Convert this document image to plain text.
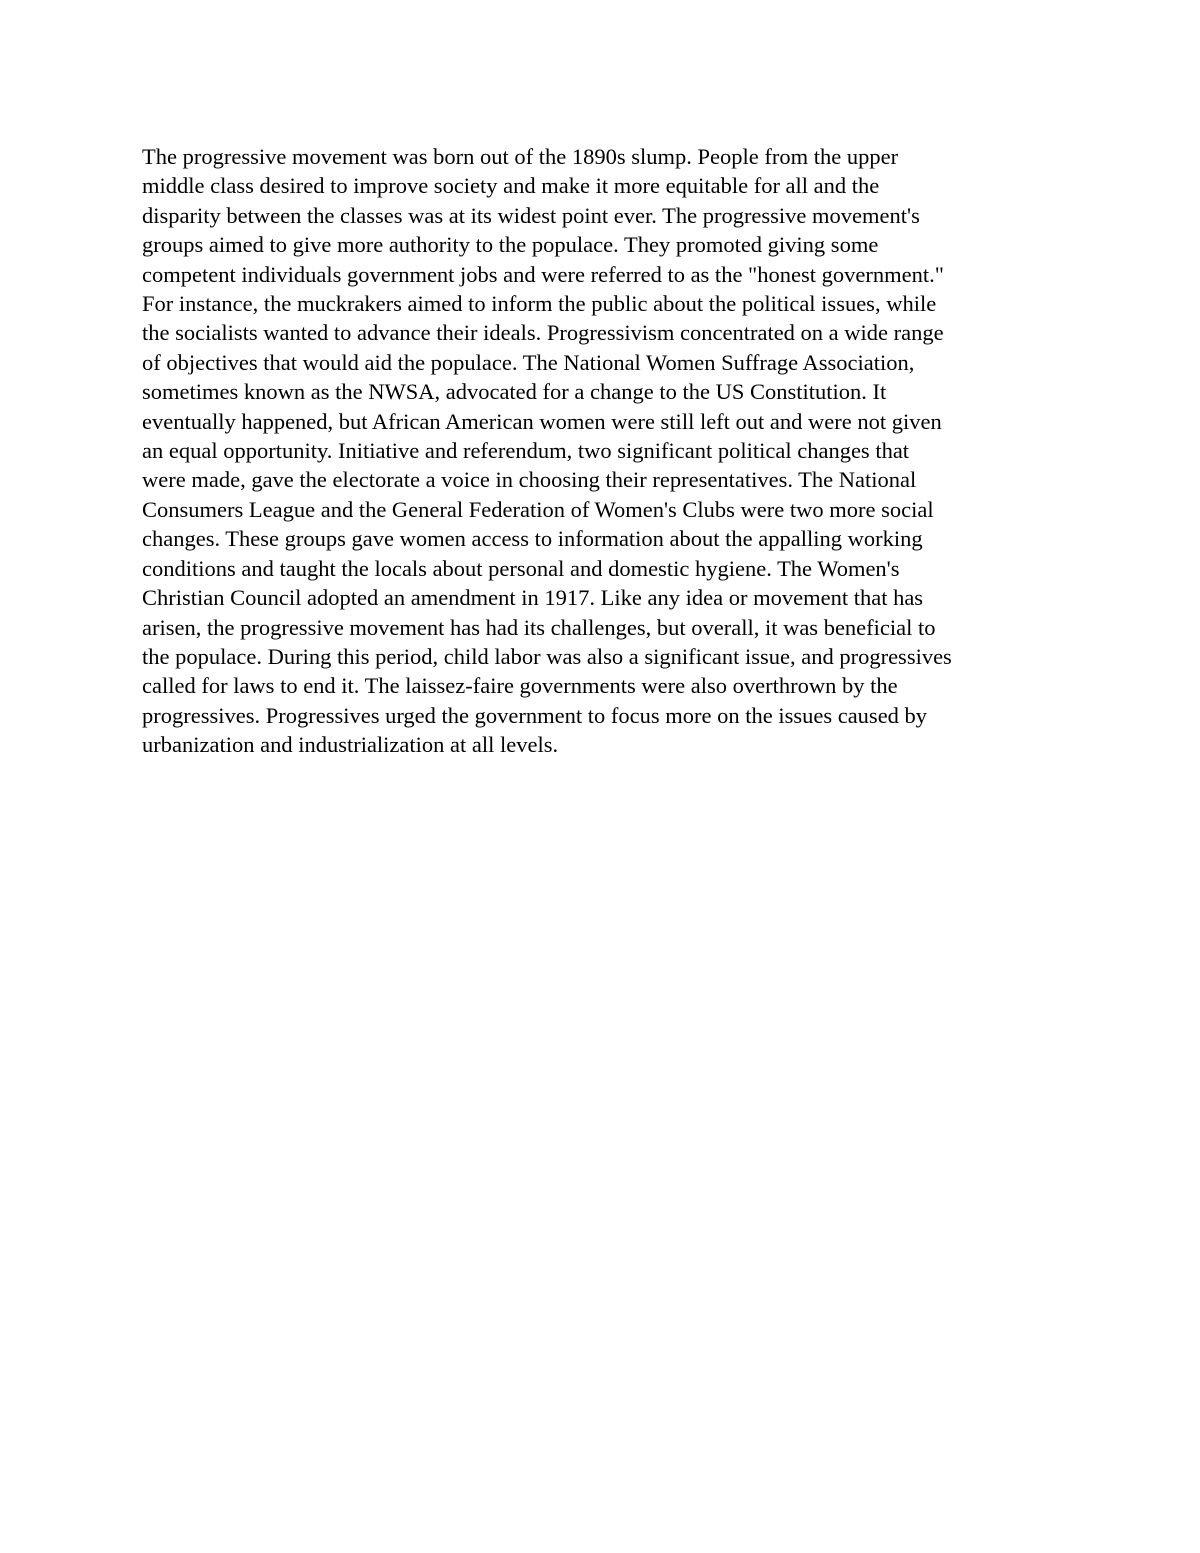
The progressive movement was born out of the 1890s slump. People from the upper
middle class desired to improve society and make it more equitable for all and the
disparity between the classes was at its widest point ever. The progressive movement's
groups aimed to give more authority to the populace. They promoted giving some
competent individuals government jobs and were referred to as the "honest government."
For instance, the muckrakers aimed to inform the public about the political issues, while
the socialists wanted to advance their ideals. Progressivism concentrated on a wide range
of objectives that would aid the populace. The National Women Suffrage Association,
sometimes known as the NWSA, advocated for a change to the US Constitution. It
eventually happened, but African American women were still left out and were not given
an equal opportunity. Initiative and referendum, two significant political changes that
were made, gave the electorate a voice in choosing their representatives. The National
Consumers League and the General Federation of Women's Clubs were two more social
changes. These groups gave women access to information about the appalling working
conditions and taught the locals about personal and domestic hygiene. The Women's
Christian Council adopted an amendment in 1917. Like any idea or movement that has
arisen, the progressive movement has had its challenges, but overall, it was beneficial to
the populace. During this period, child labor was also a significant issue, and progressives
called for laws to end it. The laissez-faire governments were also overthrown by the
progressives. Progressives urged the government to focus more on the issues caused by
urbanization and industrialization at all levels.
